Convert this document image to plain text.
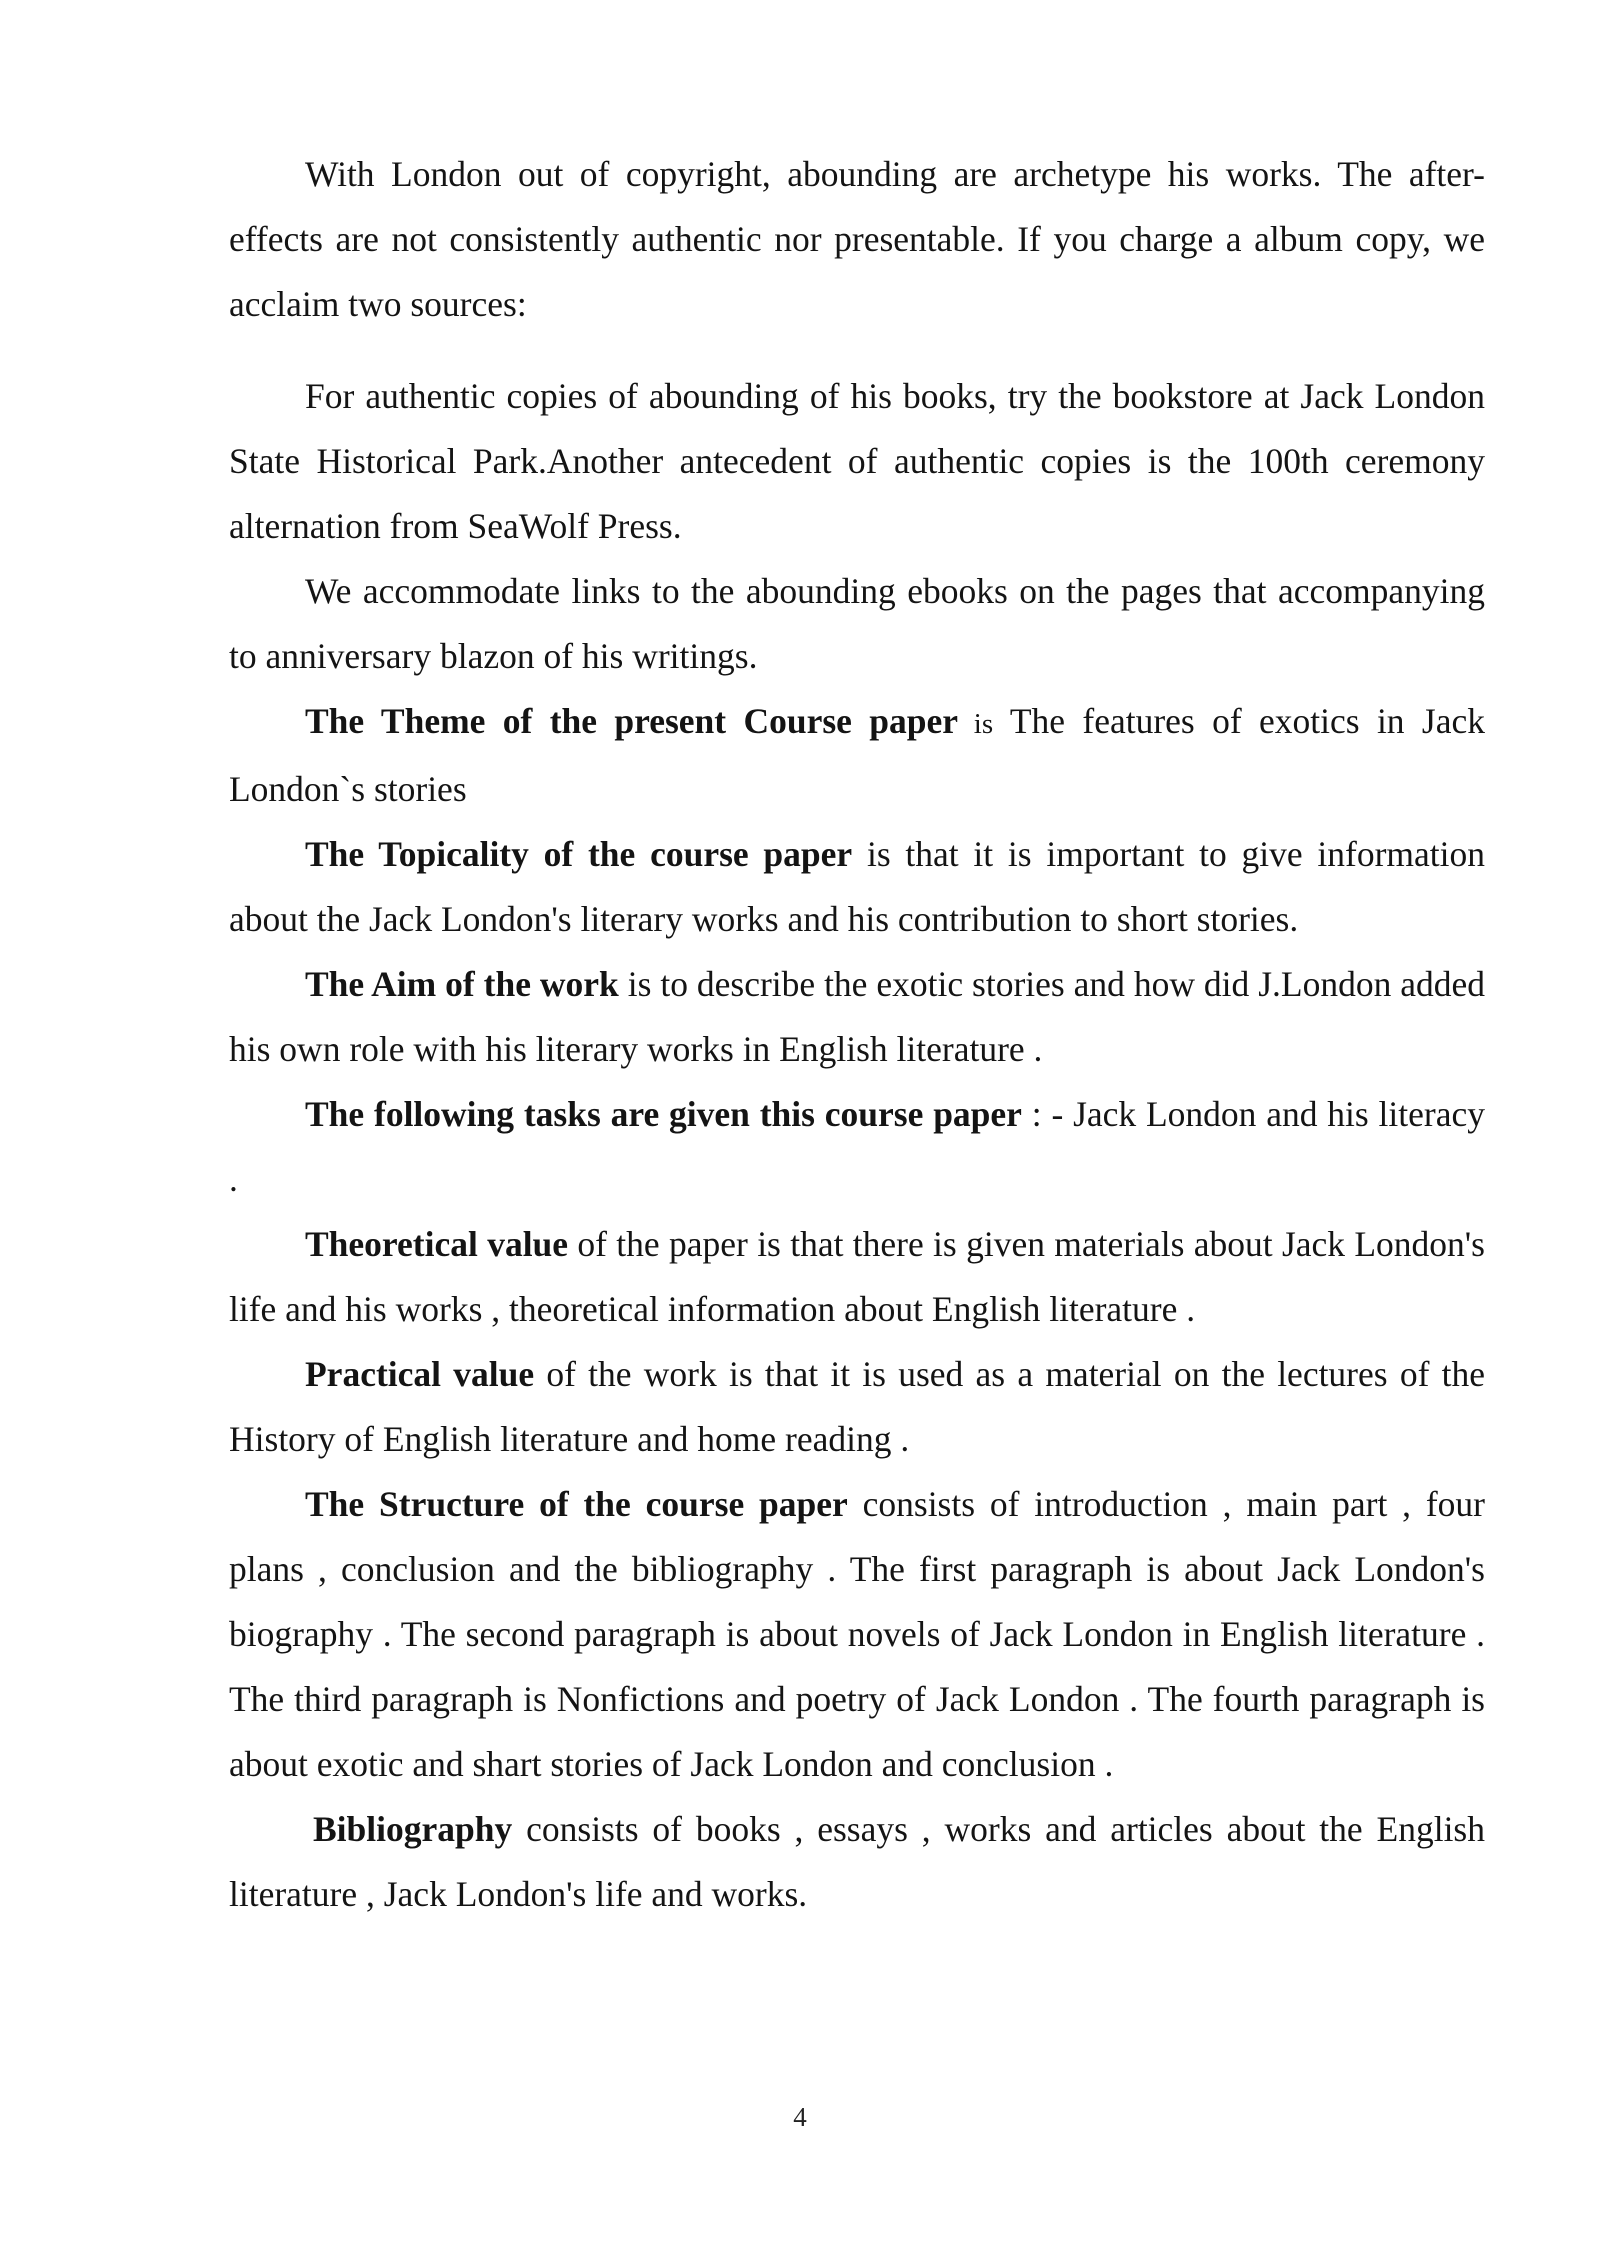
With London out of copyright, abounding are archetype his works. The after-effects are not consistently authentic nor presentable. If you charge a album copy, we acclaim two sources:

For authentic copies of abounding of his books, try the bookstore at Jack London State Historical Park.Another antecedent of authentic copies is the 100th ceremony alternation from SeaWolf Press.

We accommodate links to the abounding ebooks on the pages that accompanying to anniversary blazon of his writings.

The Theme of the present Course paper is The features of exotics in Jack London`s stories

The Topicality of the course paper is that it is important to give information about the Jack London's literary works and his contribution to short stories.

The Aim of the work is to describe the exotic stories and how did J.London added his own role with his literary works in English literature .

The following tasks are given this course paper : - Jack London and his literacy .

Theoretical value of the paper is that there is given materials about Jack London's life and his works , theoretical information about English literature .

Practical value of the work is that it is used as a material on the lectures of the History of English literature and home reading .

The Structure of the course paper consists of introduction , main part , four plans , conclusion and the bibliography . The first paragraph is about Jack London's biography . The second paragraph is about novels of Jack London in English literature . The third paragraph is Nonfictions and poetry of Jack London . The fourth paragraph is about exotic and shart stories of Jack London and conclusion .

Bibliography consists of books , essays , works and articles about the English literature , Jack London's life and works.

4
